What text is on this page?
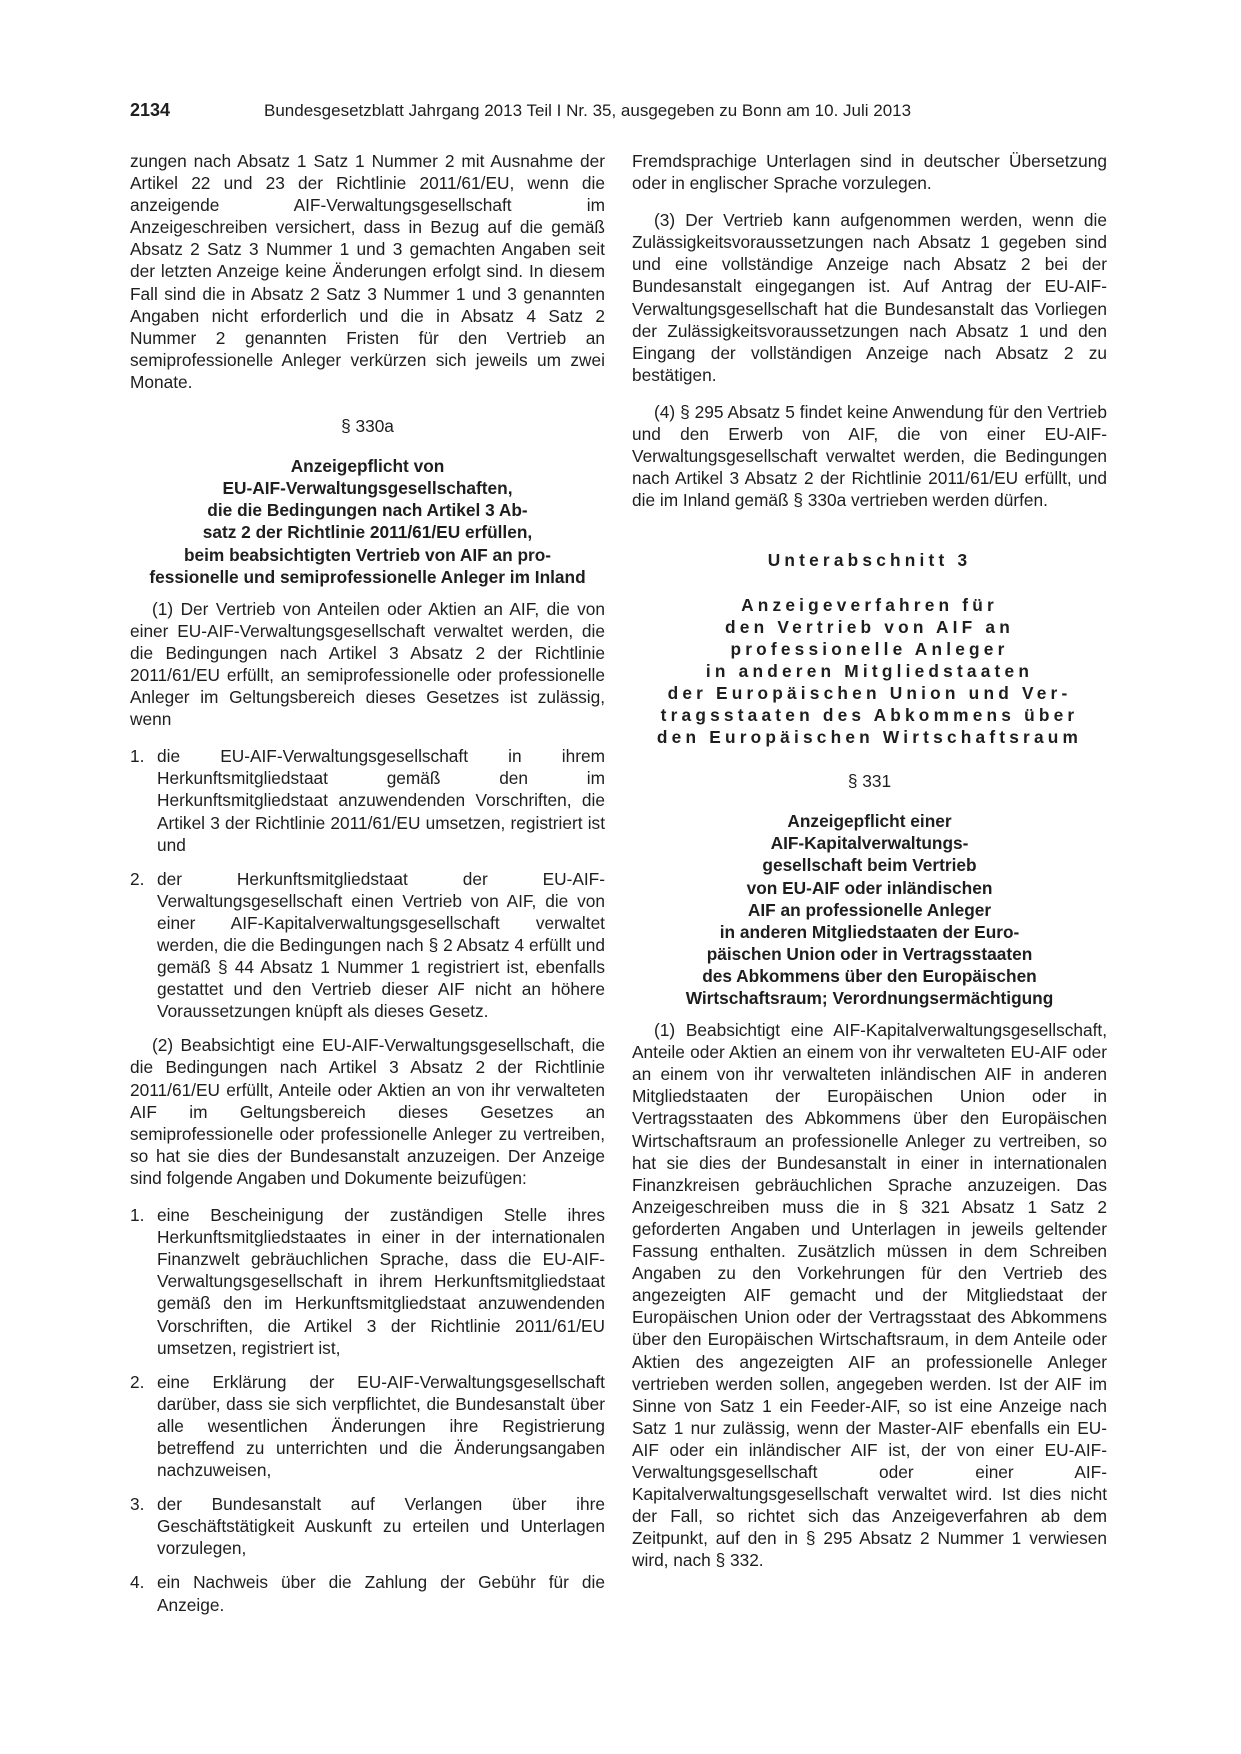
2134	Bundesgesetzblatt Jahrgang 2013 Teil I Nr. 35, ausgegeben zu Bonn am 10. Juli 2013

zungen nach Absatz 1 Satz 1 Nummer 2 mit Ausnahme der Artikel 22 und 23 der Richtlinie 2011/61/EU, wenn die anzeigende AIF-Verwaltungsgesellschaft im Anzeigeschreiben versichert, dass in Bezug auf die gemäß Absatz 2 Satz 3 Nummer 1 und 3 gemachten Angaben seit der letzten Anzeige keine Änderungen erfolgt sind. In diesem Fall sind die in Absatz 2 Satz 3 Nummer 1 und 3 genannten Angaben nicht erforderlich und die in Absatz 4 Satz 2 Nummer 2 genannten Fristen für den Vertrieb an semiprofessionelle Anleger verkürzen sich jeweils um zwei Monate.

§ 330a
Anzeigepflicht von
EU-AIF-Verwaltungsgesellschaften,
die die Bedingungen nach Artikel 3 Ab-
satz 2 der Richtlinie 2011/61/EU erfüllen,
beim beabsichtigten Vertrieb von AIF an pro-
fessionelle und semiprofessionelle Anleger im Inland

(1) Der Vertrieb von Anteilen oder Aktien an AIF, die von einer EU-AIF-Verwaltungsgesellschaft verwaltet werden, die die Bedingungen nach Artikel 3 Absatz 2 der Richtlinie 2011/61/EU erfüllt, an semiprofessionelle oder professionelle Anleger im Geltungsbereich dieses Gesetzes ist zulässig, wenn

1. die EU-AIF-Verwaltungsgesellschaft in ihrem Herkunftsmitgliedstaat gemäß den im Herkunftsmitgliedstaat anzuwendenden Vorschriften, die Artikel 3 der Richtlinie 2011/61/EU umsetzen, registriert ist und
2. der Herkunftsmitgliedstaat der EU-AIF-Verwaltungsgesellschaft einen Vertrieb von AIF, die von einer AIF-Kapitalverwaltungsgesellschaft verwaltet werden, die die Bedingungen nach § 2 Absatz 4 erfüllt und gemäß § 44 Absatz 1 Nummer 1 registriert ist, ebenfalls gestattet und den Vertrieb dieser AIF nicht an höhere Voraussetzungen knüpft als dieses Gesetz.

(2) Beabsichtigt eine EU-AIF-Verwaltungsgesellschaft, die die Bedingungen nach Artikel 3 Absatz 2 der Richtlinie 2011/61/EU erfüllt, Anteile oder Aktien an von ihr verwalteten AIF im Geltungsbereich dieses Gesetzes an semiprofessionelle oder professionelle Anleger zu vertreiben, so hat sie dies der Bundesanstalt anzuzeigen. Der Anzeige sind folgende Angaben und Dokumente beizufügen:

1. eine Bescheinigung der zuständigen Stelle ihres Herkunftsmitgliedstaates in einer in der internationalen Finanzwelt gebräuchlichen Sprache, dass die EU-AIF-Verwaltungsgesellschaft in ihrem Herkunftsmitgliedstaat gemäß den im Herkunftsmitgliedstaat anzuwendenden Vorschriften, die Artikel 3 der Richtlinie 2011/61/EU umsetzen, registriert ist,
2. eine Erklärung der EU-AIF-Verwaltungsgesellschaft darüber, dass sie sich verpflichtet, die Bundesanstalt über alle wesentlichen Änderungen ihre Registrierung betreffend zu unterrichten und die Änderungsangaben nachzuweisen,
3. der Bundesanstalt auf Verlangen über ihre Geschäftstätigkeit Auskunft zu erteilen und Unterlagen vorzulegen,
4. ein Nachweis über die Zahlung der Gebühr für die Anzeige.

Fremdsprachige Unterlagen sind in deutscher Übersetzung oder in englischer Sprache vorzulegen.

(3) Der Vertrieb kann aufgenommen werden, wenn die Zulässigkeitsvoraussetzungen nach Absatz 1 gegeben sind und eine vollständige Anzeige nach Absatz 2 bei der Bundesanstalt eingegangen ist. Auf Antrag der EU-AIF-Verwaltungsgesellschaft hat die Bundesanstalt das Vorliegen der Zulässigkeitsvoraussetzungen nach Absatz 1 und den Eingang der vollständigen Anzeige nach Absatz 2 zu bestätigen.

(4) § 295 Absatz 5 findet keine Anwendung für den Vertrieb und den Erwerb von AIF, die von einer EU-AIF-Verwaltungsgesellschaft verwaltet werden, die Bedingungen nach Artikel 3 Absatz 2 der Richtlinie 2011/61/EU erfüllt, und die im Inland gemäß § 330a vertrieben werden dürfen.

Unterabschnitt 3
Anzeigeverfahren für
den Vertrieb von AIF an
professionelle Anleger
in anderen Mitgliedstaaten
der Europäischen Union und Ver-
tragsstaaten des Abkommens über
den Europäischen Wirtschaftsraum
§ 331
Anzeigepflicht einer
AIF-Kapitalverwaltungs-
gesellschaft beim Vertrieb
von EU-AIF oder inländischen
AIF an professionelle Anleger
in anderen Mitgliedstaaten der Euro-
päischen Union oder in Vertragsstaaten
des Abkommens über den Europäischen
Wirtschaftsraum; Verordnungsermächtigung

(1) Beabsichtigt eine AIF-Kapitalverwaltungsgesellschaft, Anteile oder Aktien an einem von ihr verwalteten EU-AIF oder an einem von ihr verwalteten inländischen AIF in anderen Mitgliedstaaten der Europäischen Union oder in Vertragsstaaten des Abkommens über den Europäischen Wirtschaftsraum an professionelle Anleger zu vertreiben, so hat sie dies der Bundesanstalt in einer in internationalen Finanzkreisen gebräuchlichen Sprache anzuzeigen. Das Anzeigeschreiben muss die in § 321 Absatz 1 Satz 2 geforderten Angaben und Unterlagen in jeweils geltender Fassung enthalten. Zusätzlich müssen in dem Schreiben Angaben zu den Vorkehrungen für den Vertrieb des angezeigten AIF gemacht und der Mitgliedstaat der Europäischen Union oder der Vertragsstaat des Abkommens über den Europäischen Wirtschaftsraum, in dem Anteile oder Aktien des angezeigten AIF an professionelle Anleger vertrieben werden sollen, angegeben werden. Ist der AIF im Sinne von Satz 1 ein Feeder-AIF, so ist eine Anzeige nach Satz 1 nur zulässig, wenn der Master-AIF ebenfalls ein EU-AIF oder ein inländischer AIF ist, der von einer EU-AIF-Verwaltungsgesellschaft oder einer AIF-Kapitalverwaltungsgesellschaft verwaltet wird. Ist dies nicht der Fall, so richtet sich das Anzeigeverfahren ab dem Zeitpunkt, auf den in § 295 Absatz 2 Nummer 1 verwiesen wird, nach § 332.
